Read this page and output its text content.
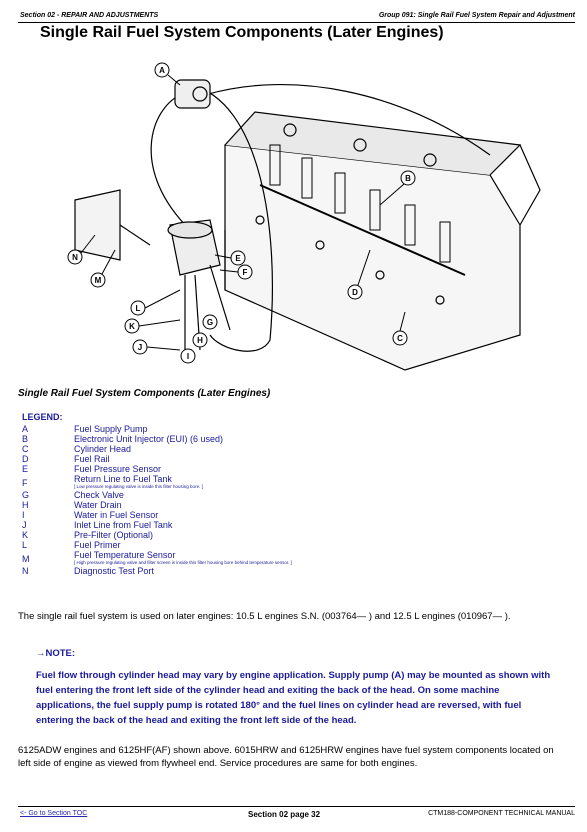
Section 02 - REPAIR AND ADJUSTMENTS	Group 091: Single Rail Fuel System Repair and Adjustment
Single Rail Fuel System Components (Later Engines)
A
B
C
D
E
F
G
H
I
J
K
L
M
N
Single Rail Fuel System Components (Later Engines)
LEGEND:
A	Fuel Supply Pump
B	Electronic Unit Injector (EUI) (6 used)
C	Cylinder Head
D	Fuel Rail
E	Fuel Pressure Sensor
F	Return Line to Fuel Tank
[ Low pressure regulating valve is inside this filter housing bore. ]
G	Check Valve
H	Water Drain
I	Water in Fuel Sensor
J	Inlet Line from Fuel Tank
K	Pre-Filter (Optional)
L	Fuel Primer
M	Fuel Temperature Sensor
[ High pressure regulating valve and filter screen is inside this filter housing bore behind temperature sensor. ]
N	Diagnostic Test Port
The single rail fuel system is used on later engines: 10.5 L engines S.N. (003764— ) and 12.5 L engines (010967— ).
→NOTE:
Fuel flow through cylinder head may vary by engine application. Supply pump (A) may be mounted as shown with fuel entering the front left side of the cylinder head and exiting the back of the head. On some machine applications, the fuel supply pump is rotated 180° and the fuel lines on cylinder head are reversed, with fuel entering the back of the head and exiting the front left side of the head.
6125ADW engines and 6125HF(AF) shown above. 6015HRW and 6125HRW engines have fuel system components located on left side of engine as viewed from flywheel end. Service procedures are same for both engines.
<- Go to Section TOC	Section 02 page 32	CTM188-COMPONENT TECHNICAL MANUAL
